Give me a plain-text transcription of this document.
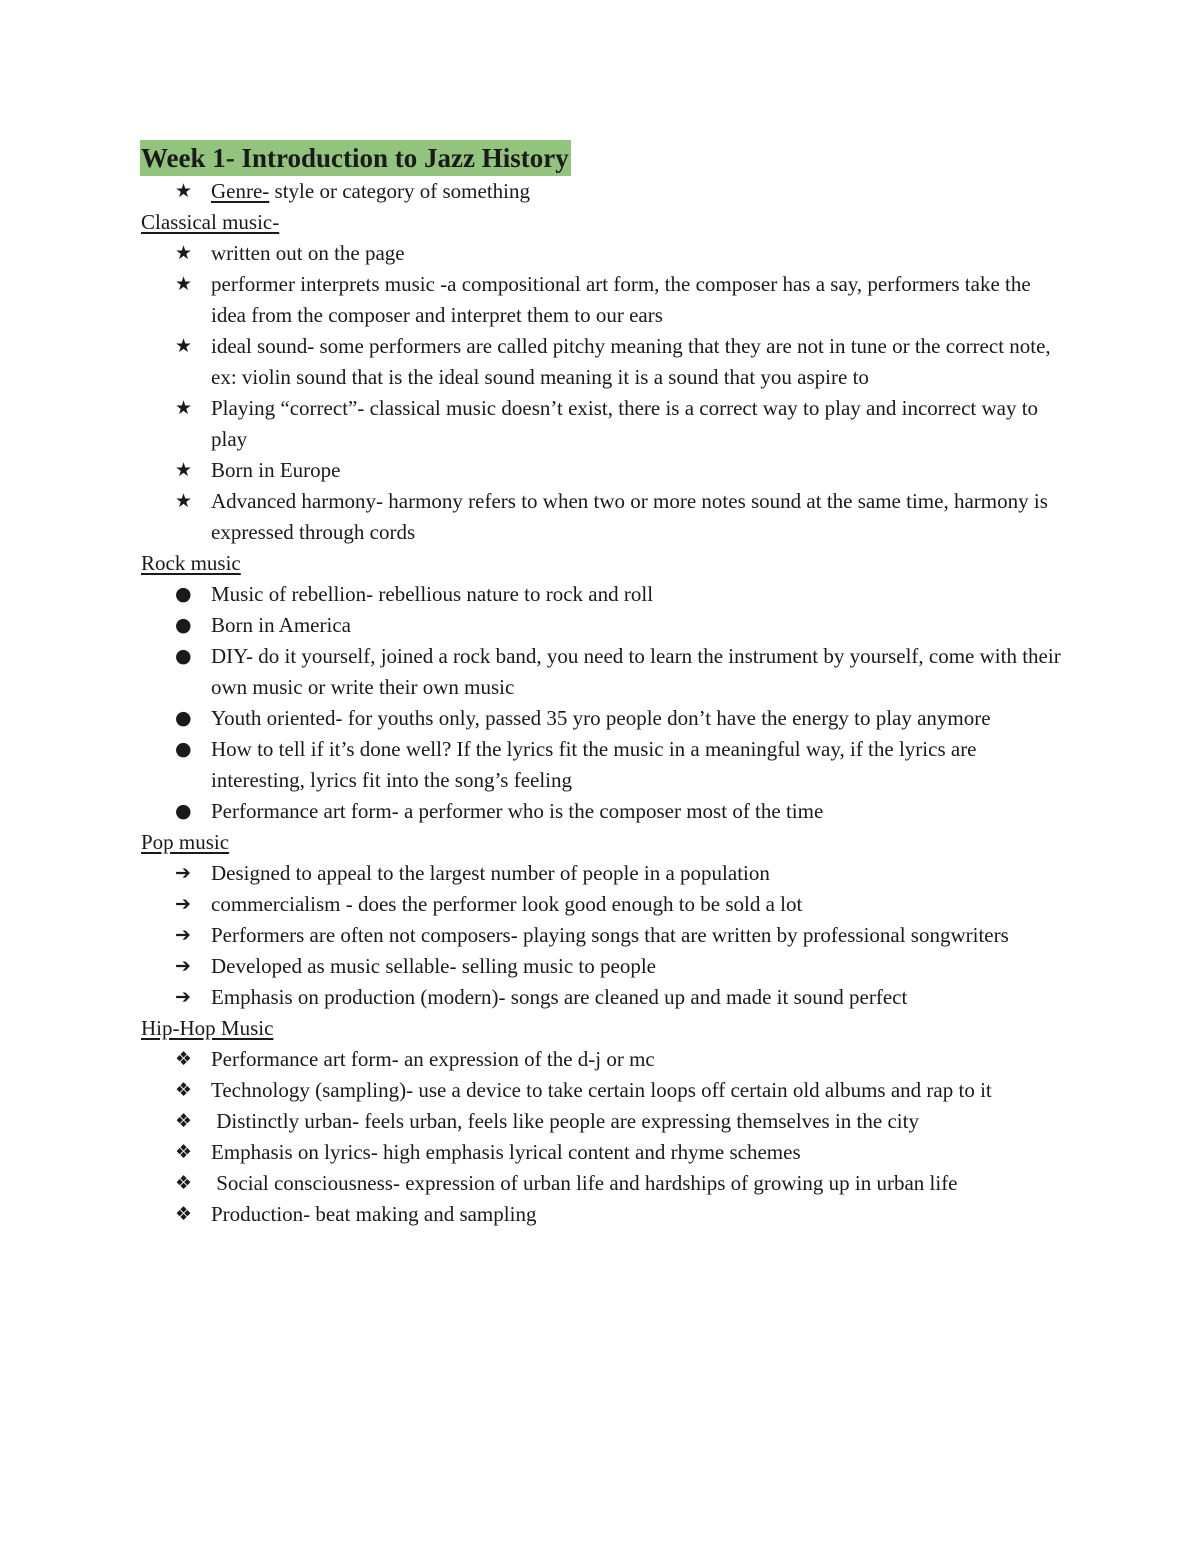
Week 1- Introduction to Jazz History
★ Genre- style or category of something
Classical music-
★ written out on the page
★ performer interprets music -a compositional art form, the composer has a say, performers take the idea from the composer and interpret them to our ears
★ ideal sound- some performers are called pitchy meaning that they are not in tune or the correct note, ex: violin sound that is the ideal sound meaning it is a sound that you aspire to
★ Playing “correct”- classical music doesn’t exist, there is a correct way to play and incorrect way to play
★ Born in Europe
★ Advanced harmony- harmony refers to when two or more notes sound at the same time, harmony is expressed through cords
Rock music
● Music of rebellion- rebellious nature to rock and roll
● Born in America
● DIY- do it yourself, joined a rock band, you need to learn the instrument by yourself, come with their own music or write their own music
● Youth oriented- for youths only, passed 35 yro people don’t have the energy to play anymore
● How to tell if it’s done well? If the lyrics fit the music in a meaningful way, if the lyrics are interesting, lyrics fit into the song’s feeling
● Performance art form- a performer who is the composer most of the time
Pop music
➔ Designed to appeal to the largest number of people in a population
➔ commercialism - does the performer look good enough to be sold a lot
➔ Performers are often not composers- playing songs that are written by professional songwriters
➔ Developed as music sellable- selling music to people
➔ Emphasis on production (modern)- songs are cleaned up and made it sound perfect
Hip-Hop Music
❖ Performance art form- an expression of the d-j or mc
❖ Technology (sampling)- use a device to take certain loops off certain old albums and rap to it
❖ Distinctly urban- feels urban, feels like people are expressing themselves in the city
❖ Emphasis on lyrics- high emphasis lyrical content and rhyme schemes
❖ Social consciousness- expression of urban life and hardships of growing up in urban life
❖ Production- beat making and sampling
